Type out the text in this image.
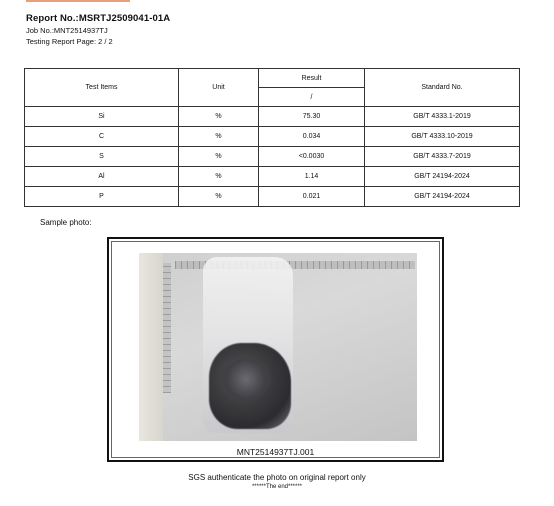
Report No.:MSRTJ2509041-01A
Job No.:MNT2514937TJ
Testing Report Page: 2 / 2
Test Items	Unit	Result	Standard No.
		/	
Si	%	75.30	GB/T 4333.1-2019
C	%	0.034	GB/T 4333.10-2019
S	%	<0.0030	GB/T 4333.7-2019
Al	%	1.14	GB/T 24194-2024
P	%	0.021	GB/T 24194-2024
Sample photo:
MNT2514937TJ.001
SGS authenticate the photo on original report only
******The end******
